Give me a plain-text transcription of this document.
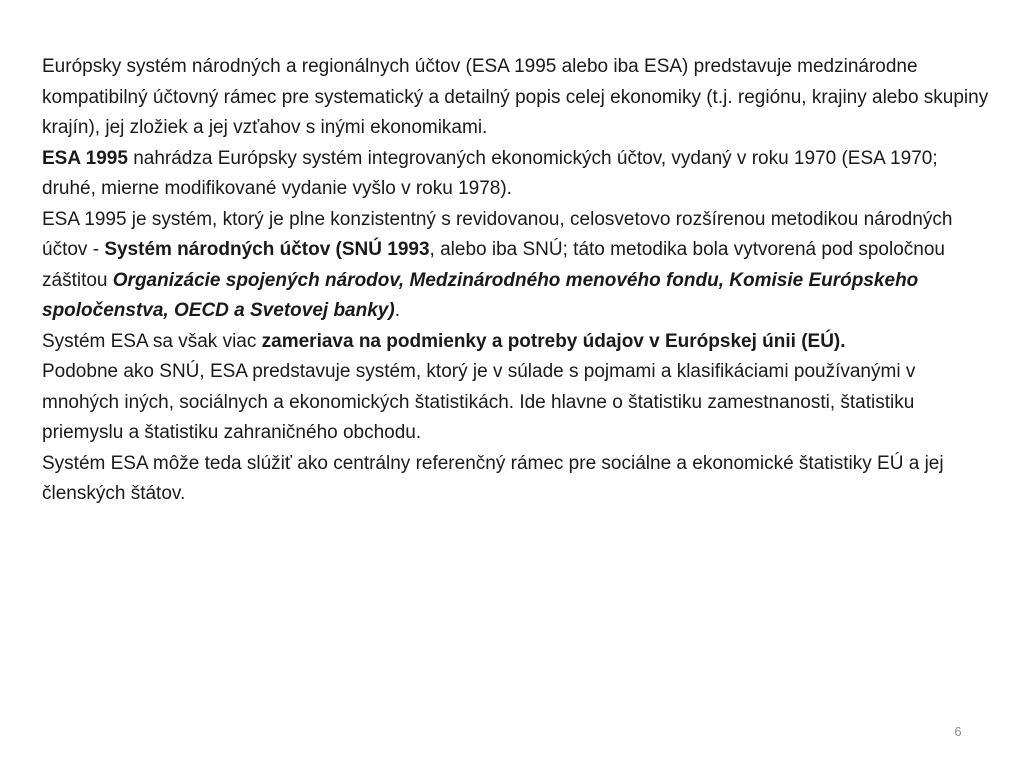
Európsky systém národných a regionálnych účtov (ESA 1995 alebo iba ESA) predstavuje medzinárodne kompatibilný účtovný rámec pre systematický a detailný popis celej ekonomiky (t.j. regiónu, krajiny alebo skupiny krajín), jej zložiek a jej vzťahov s inými ekonomikami.

ESA 1995 nahrádza Európsky systém integrovaných ekonomických účtov, vydaný v roku 1970 (ESA 1970; druhé, mierne modifikované vydanie vyšlo v roku 1978).

ESA 1995 je systém, ktorý je plne konzistentný s revidovanou, celosvetovo rozšírenou metodikou národných účtov - Systém národných účtov (SNÚ 1993, alebo iba SNÚ; táto metodika bola vytvorená pod spoločnou záštitou Organizácie spojených národov, Medzinárodného menového fondu, Komisie Európskeho spoločenstva, OECD a Svetovej banky).

Systém ESA sa však viac zameriava na podmienky a potreby údajov v Európskej únii (EÚ).

Podobne ako SNÚ, ESA predstavuje systém, ktorý je v súlade s pojmami a klasifikáciami používanými v mnohých iných, sociálnych a ekonomických štatistikách. Ide hlavne o štatistiku zamestnanosti, štatistiku priemyslu a štatistiku zahraničného obchodu.

Systém ESA môže teda slúžiť ako centrálny referenčný rámec pre sociálne a ekonomické štatistiky EÚ a jej členských štátov.

6
